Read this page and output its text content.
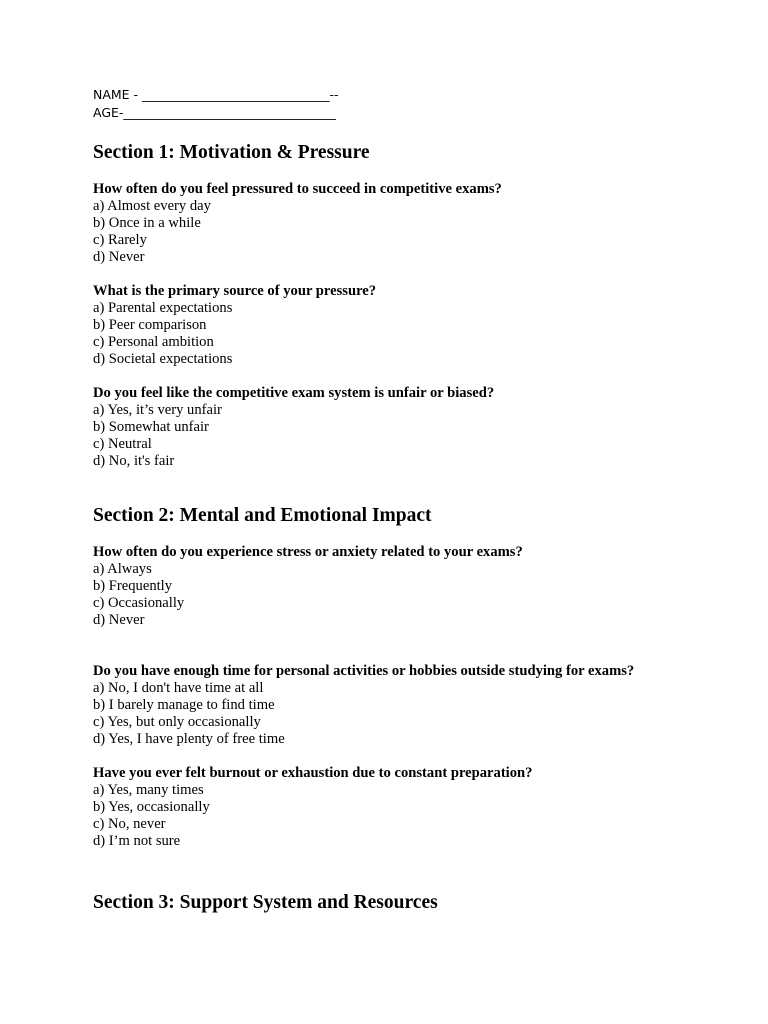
NAME - ______________________________--
AGE-__________________________________

Section 1: Motivation & Pressure

How often do you feel pressured to succeed in competitive exams?

a) Almost every day

b) Once in a while

c) Rarely

d) Never

What is the primary source of your pressure?

a) Parental expectations

b) Peer comparison

c) Personal ambition

d) Societal expectations

Do you feel like the competitive exam system is unfair or biased?

a) Yes, it’s very unfair

b) Somewhat unfair

c) Neutral

d) No, it's fair

Section 2: Mental and Emotional Impact

How often do you experience stress or anxiety related to your exams?

a) Always

b) Frequently

c) Occasionally

d) Never

Do you have enough time for personal activities or hobbies outside studying for exams?

a) No, I don't have time at all

b) I barely manage to find time

c) Yes, but only occasionally

d) Yes, I have plenty of free time

Have you ever felt burnout or exhaustion due to constant preparation?

a) Yes, many times

b) Yes, occasionally

c) No, never

d) I’m not sure

Section 3: Support System and Resources
